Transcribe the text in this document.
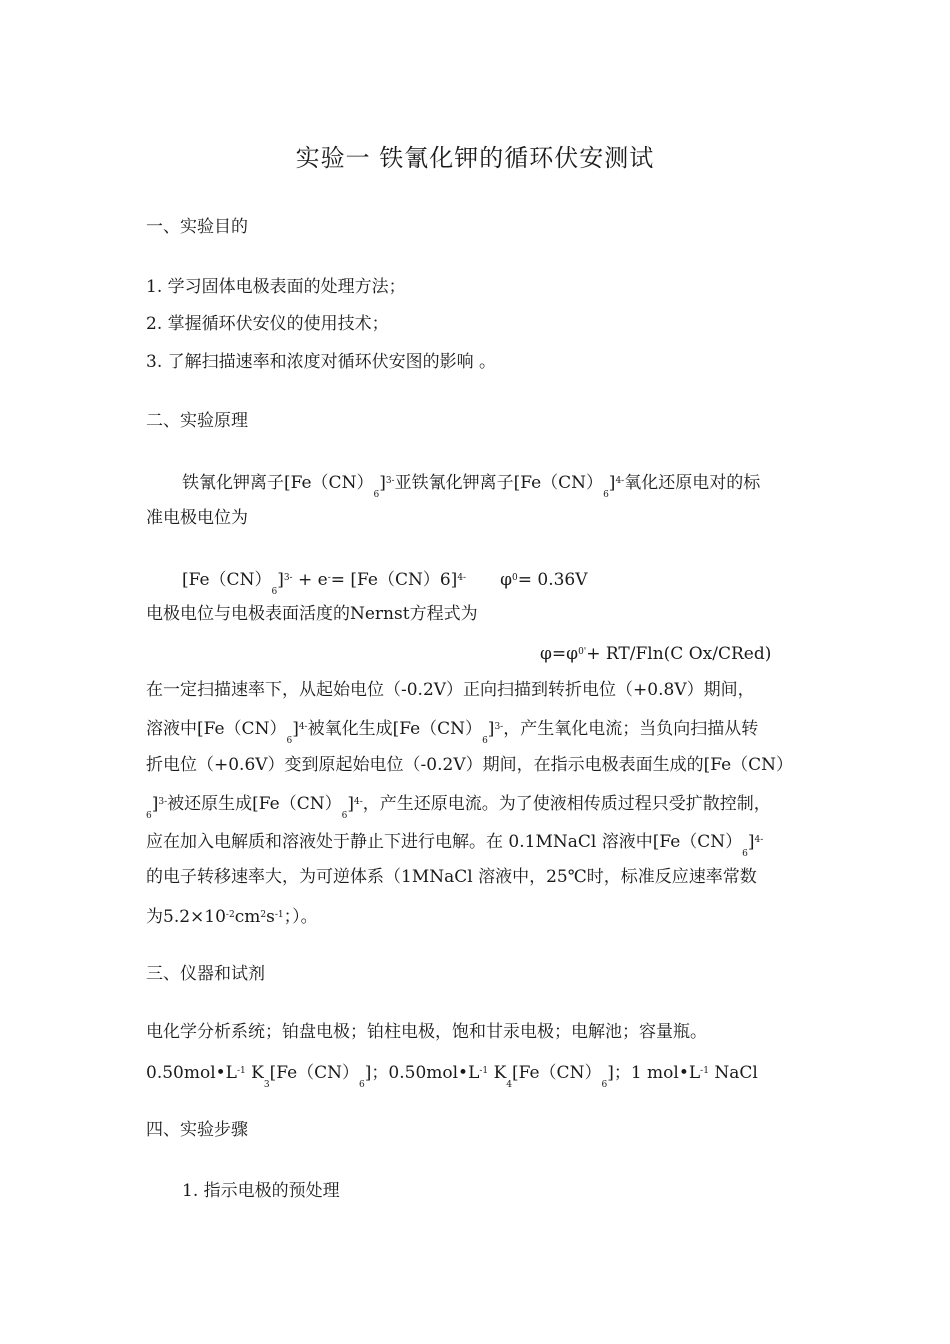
实验一 铁氰化钾的循环伏安测试
一、实验目的
1. 学习固体电极表面的处理方法；
2. 掌握循环伏安仪的使用技术；
3. 了解扫描速率和浓度对循环伏安图的影响 。
二、实验原理
铁氰化钾离子$[Fe(CN)_6]^{3-}$亚铁氰化钾离子$[Fe(CN)_6]^{4-}$氧化还原电对的标
准电极电位为
$[Fe(CN)_6]^{3-} + e^-= [Fe(CN)6]^{4-}$ $\varphi^0= 0.36V$
电极电位与电极表面活度的Nernst方程式为
$\varphi=\varphi^{0'}+ RT/Fln(C$ Ox/CRed)
在一定扫描速率下，从起始电位（-0.2V）正向扫描到转折电位（+0.8V）期间，
溶液中$[Fe(CN)_6]^{4-}$被氧化生成$[Fe(CN)_6]^{3-}$，产生氧化电流；当负向扫描从转
折电位（+0.6V）变到原起始电位（-0.2V）期间，在指示电极表面生成的[Fe（CN）
$_6$]$^{3-}$被还原生成$[Fe(CN)_6]^{4-}$，产生还原电流。为了使液相传质过程只受扩散控制，
应在加入电解质和溶液处于静止下进行电解。在 0.1MNaCl 溶液中$[Fe(CN)_6]^{4-}$
的电子转移速率大，为可逆体系（1MNaCl 溶液中，25℃时，标准反应速率常数
为$5.2\times 10^{-2}cm^2s^{-1}$；）。
三、仪器和试剂
电化学分析系统；铂盘电极；铂柱电极，饱和甘汞电极；电解池；容量瓶。
$0.50mol•L^{-1}$ $K_3[Fe(CN)_6]$；$0.50mol•L^{-1}$ $K_4[Fe(CN)_6]$；1 $mol•L^{-1}$ NaCl
四、实验步骤
1. 指示电极的预处理
